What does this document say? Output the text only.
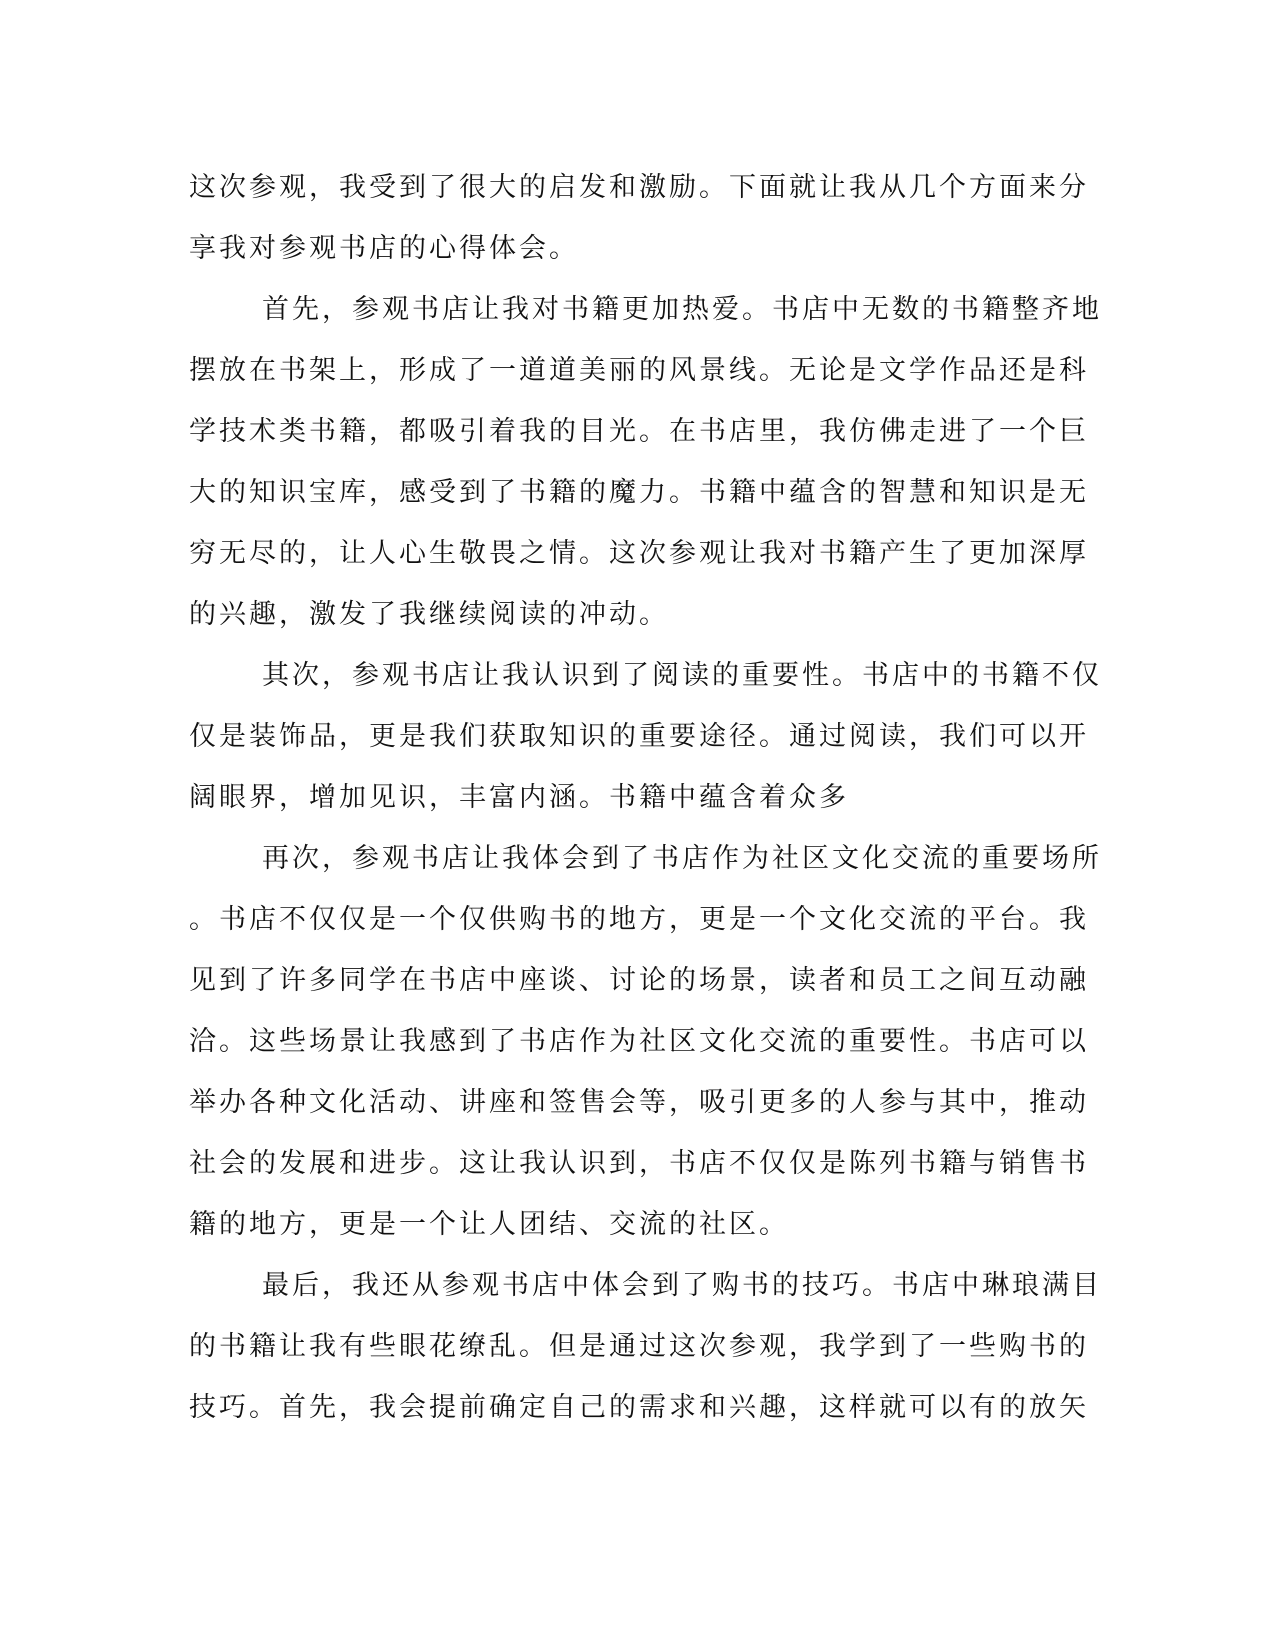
这次参观，我受到了很大的启发和激励。下面就让我从几个方面来分
享我对参观书店的心得体会。
首先，参观书店让我对书籍更加热爱。书店中无数的书籍整齐地
摆放在书架上，形成了一道道美丽的风景线。无论是文学作品还是科
学技术类书籍，都吸引着我的目光。在书店里，我仿佛走进了一个巨
大的知识宝库，感受到了书籍的魔力。书籍中蕴含的智慧和知识是无
穷无尽的，让人心生敬畏之情。这次参观让我对书籍产生了更加深厚
的兴趣，激发了我继续阅读的冲动。
其次，参观书店让我认识到了阅读的重要性。书店中的书籍不仅
仅是装饰品，更是我们获取知识的重要途径。通过阅读，我们可以开
阔眼界，增加见识，丰富内涵。书籍中蕴含着众多
再次，参观书店让我体会到了书店作为社区文化交流的重要场所
。书店不仅仅是一个仅供购书的地方，更是一个文化交流的平台。我
见到了许多同学在书店中座谈、讨论的场景，读者和员工之间互动融
洽。这些场景让我感到了书店作为社区文化交流的重要性。书店可以
举办各种文化活动、讲座和签售会等，吸引更多的人参与其中，推动
社会的发展和进步。这让我认识到，书店不仅仅是陈列书籍与销售书
籍的地方，更是一个让人团结、交流的社区。
最后，我还从参观书店中体会到了购书的技巧。书店中琳琅满目
的书籍让我有些眼花缭乱。但是通过这次参观，我学到了一些购书的
技巧。首先，我会提前确定自己的需求和兴趣，这样就可以有的放矢
